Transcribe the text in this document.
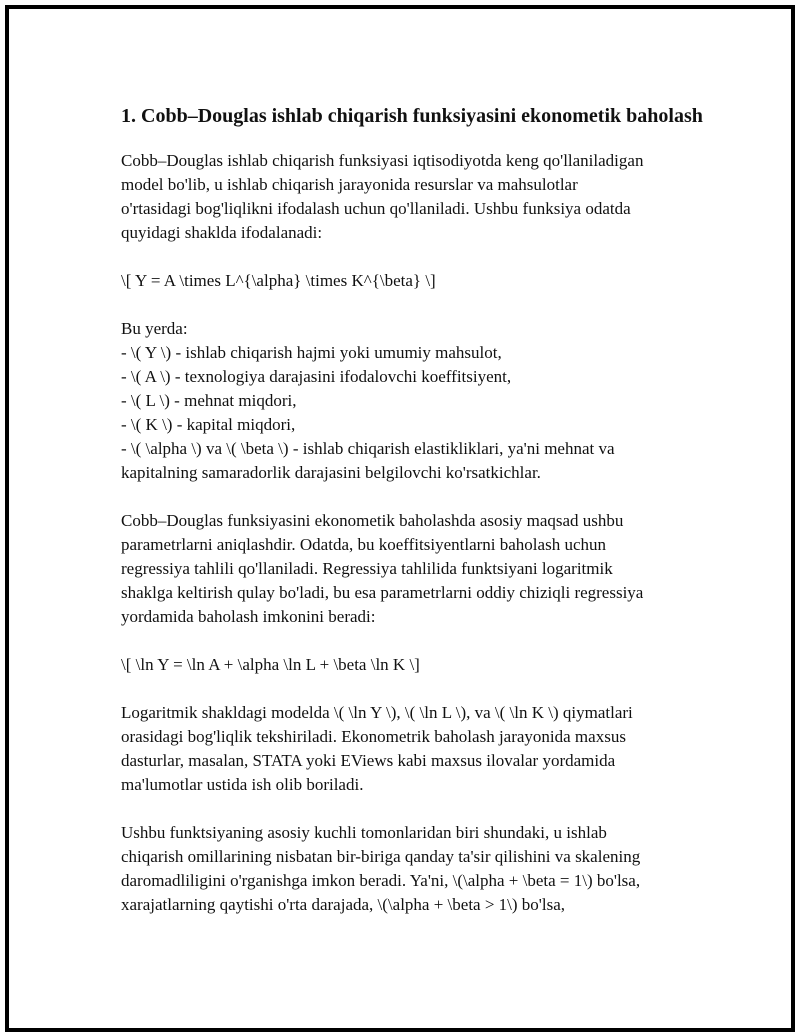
1. Cobb–Douglas ishlab chiqarish funksiyasini ekonometik baholash
Cobb–Douglas ishlab chiqarish funksiyasi iqtisodiyotda keng qo'llaniladigan
model bo'lib, u ishlab chiqarish jarayonida resurslar va mahsulotlar
o'rtasidagi bog'liqlikni ifodalash uchun qo'llaniladi. Ushbu funksiya odatda
quyidagi shaklda ifodalanadi:
\[ Y = A \times L^{\alpha} \times K^{\beta} \]
Bu yerda:
- \( Y \) - ishlab chiqarish hajmi yoki umumiy mahsulot,
- \( A \) - texnologiya darajasini ifodalovchi koeffitsiyent,
- \( L \) - mehnat miqdori,
- \( K \) - kapital miqdori,
- \( \alpha \) va \( \beta \) - ishlab chiqarish elastikliklari, ya'ni mehnat va
kapitalning samaradorlik darajasini belgilovchi ko'rsatkichlar.
Cobb–Douglas funksiyasini ekonometik baholashda asosiy maqsad ushbu
parametrlarni aniqlashdir. Odatda, bu koeffitsiyentlarni baholash uchun
regressiya tahlili qo'llaniladi. Regressiya tahlilida funktsiyani logaritmik
shaklga keltirish qulay bo'ladi, bu esa parametrlarni oddiy chiziqli regressiya
yordamida baholash imkonini beradi:
\[ \ln Y = \ln A + \alpha \ln L + \beta \ln K \]
Logaritmik shakldagi modelda \( \ln Y \), \( \ln L \), va \( \ln K \) qiymatlari
orasidagi bog'liqlik tekshiriladi. Ekonometrik baholash jarayonida maxsus
dasturlar, masalan, STATA yoki EViews kabi maxsus ilovalar yordamida
ma'lumotlar ustida ish olib boriladi.
Ushbu funktsiyaning asosiy kuchli tomonlaridan biri shundaki, u ishlab
chiqarish omillarining nisbatan bir-biriga qanday ta'sir qilishini va skalening
daromadliligini o'rganishga imkon beradi. Ya'ni, \(\alpha + \beta = 1\) bo'lsa,
xarajatlarning qaytishi o'rta darajada, \(\alpha + \beta > 1\) bo'lsa,
